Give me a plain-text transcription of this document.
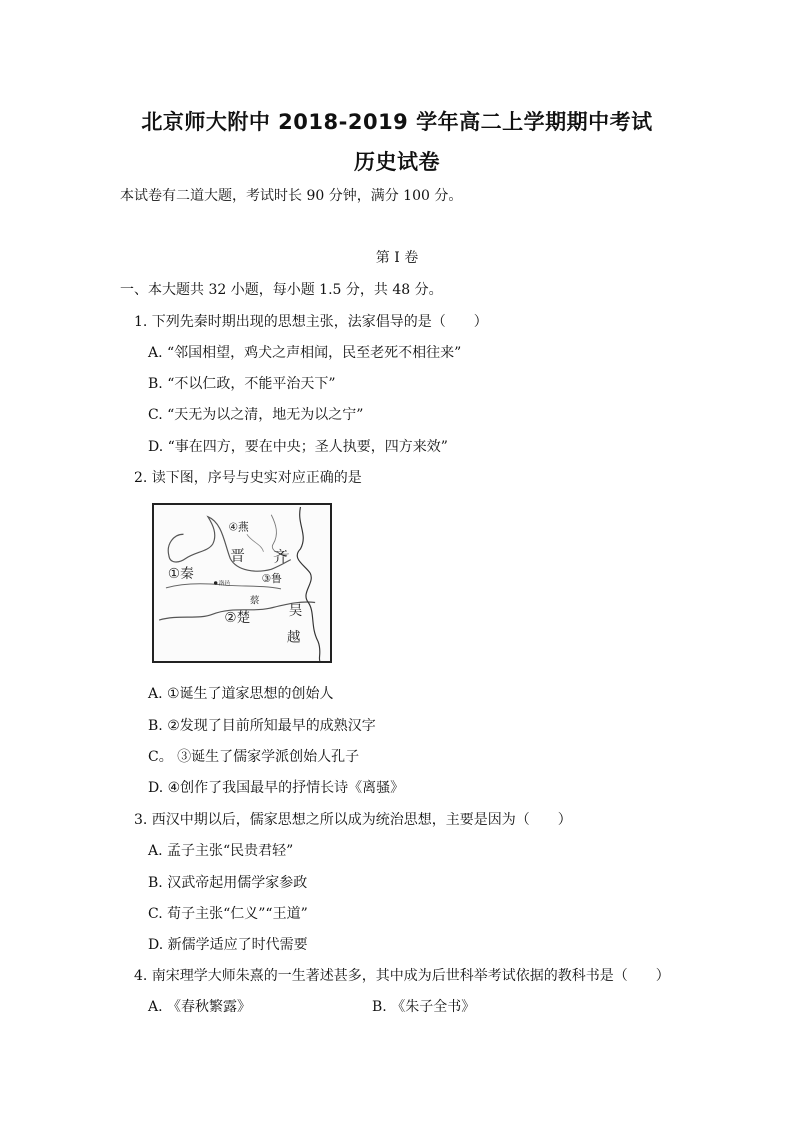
北京师大附中 2018-2019 学年高二上学期期中考试
历史试卷
本试卷有二道大题，考试时长 90 分钟，满分 100 分。
第 I 卷
一、本大题共 32 小题，每小题 1.5 分，共 48 分。
1. 下列先秦时期出现的思想主张，法家倡导的是（　　）
A. “邻国相望，鸡犬之声相闻，民至老死不相往来”
B. “不以仁政，不能平治天下”
C. “天无为以之清，地无为以之宁”
D. “事在四方，要在中央；圣人执要，四方来效”
2. 读下图，序号与史实对应正确的是
④燕
晋 齐
①秦	③鲁
洛邑
蔡
吴
②楚
越
A. ①诞生了道家思想的创始人
B. ②发现了目前所知最早的成熟汉字
C。 ③诞生了儒家学派创始人孔子
D. ④创作了我国最早的抒情长诗《离骚》
3. 西汉中期以后，儒家思想之所以成为统治思想，主要是因为（　　）
A. 孟子主张“民贵君轻”
B. 汉武帝起用儒学家参政
C. 荀子主张“仁义”“王道”
D. 新儒学适应了时代需要
4. 南宋理学大师朱熹的一生著述甚多，其中成为后世科举考试依据的教科书是（　　）
A. 《春秋繁露》	B. 《朱子全书》
